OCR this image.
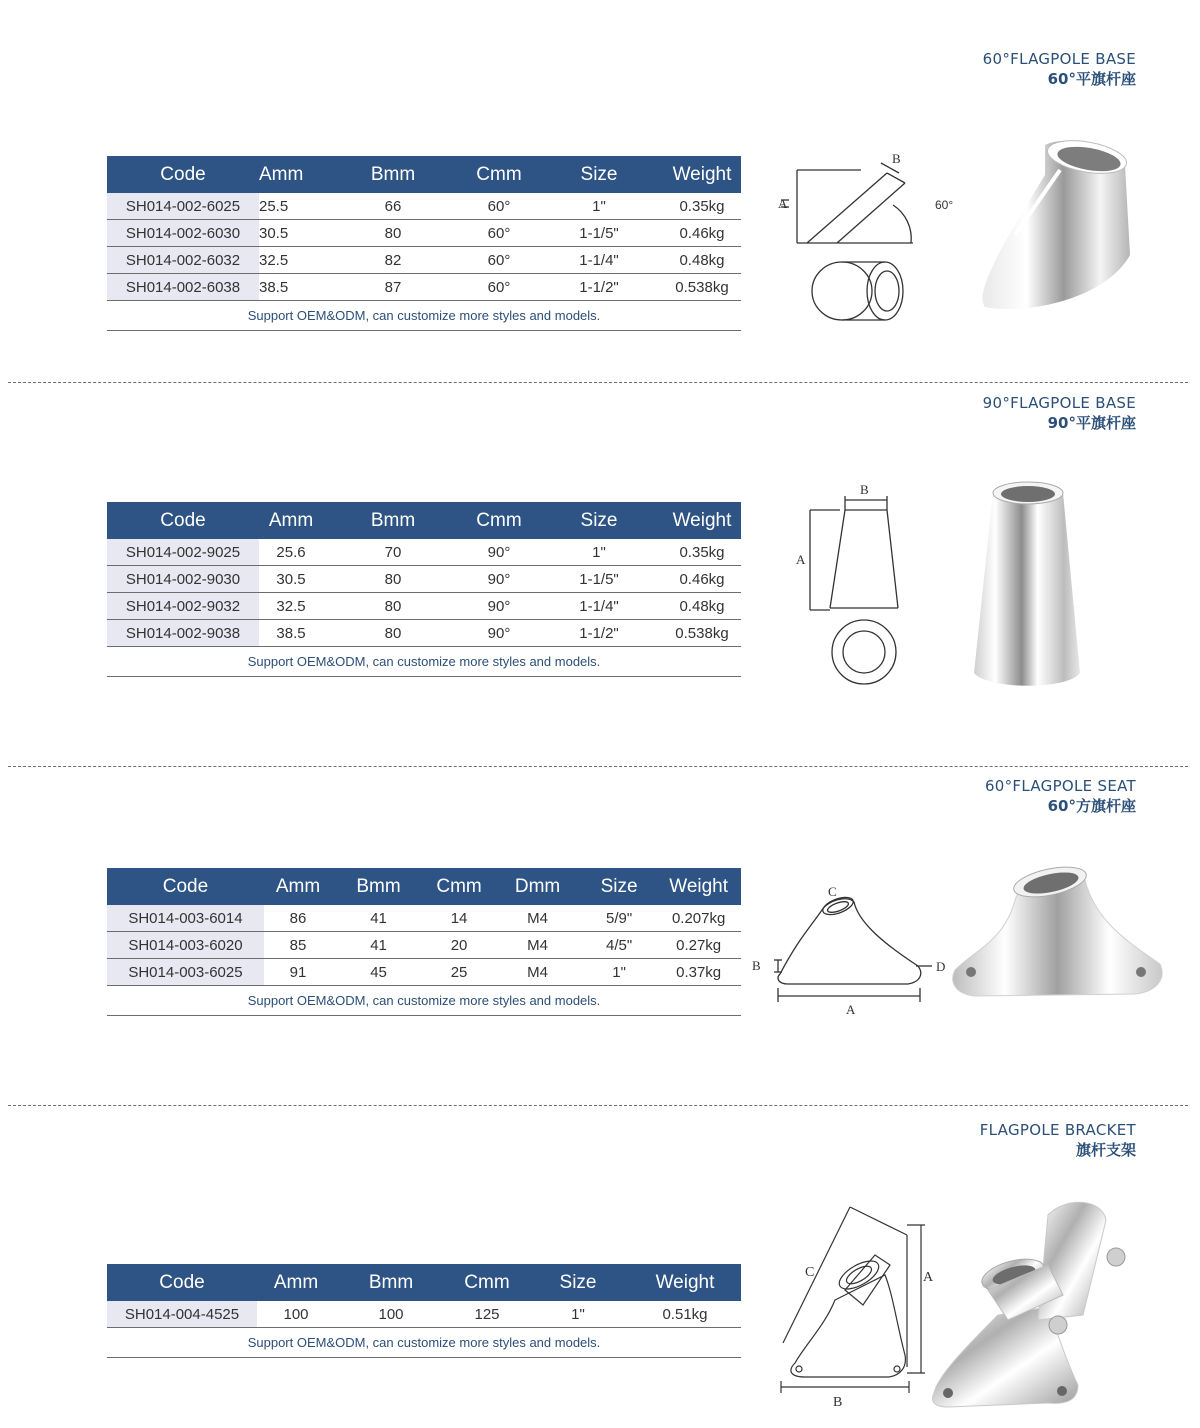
60°FLAGPOLE BASE
60°平旗杆座
Code	Amm	Bmm	Cmm	Size	Weight
SH014-002-6025	25.5	66	60°	1"	0.35kg
SH014-002-6030	30.5	80	60°	1-1/5"	0.46kg
SH014-002-6032	32.5	82	60°	1-1/4"	0.48kg
SH014-002-6038	38.5	87	60°	1-1/2"	0.538kg
Support OEM&ODM, can customize more styles and models.					
A
B
60°
90°FLAGPOLE BASE
90°平旗杆座
Code	Amm	Bmm	Cmm	Size	Weight
SH014-002-9025	25.6	70	90°	1"	0.35kg
SH014-002-9030	30.5	80	90°	1-1/5"	0.46kg
SH014-002-9032	32.5	80	90°	1-1/4"	0.48kg
SH014-002-9038	38.5	80	90°	1-1/2"	0.538kg
Support OEM&ODM, can customize more styles and models.					
A
B
60°FLAGPOLE SEAT
60°方旗杆座
Code	Amm	Bmm	Cmm	Dmm	Size	Weight
SH014-003-6014	86	41	14	M4	5/9"	0.207kg
SH014-003-6020	85	41	20	M4	4/5"	0.27kg
SH014-003-6025	91	45	25	M4	1"	0.37kg
Support OEM&ODM, can customize more styles and models.						
B
C
D
A
FLAGPOLE BRACKET
旗杆支架
Code	Amm	Bmm	Cmm	Size	Weight
SH014-004-4525	100	100	125	1"	0.51kg
Support OEM&ODM, can customize more styles and models.					
C	A
B
